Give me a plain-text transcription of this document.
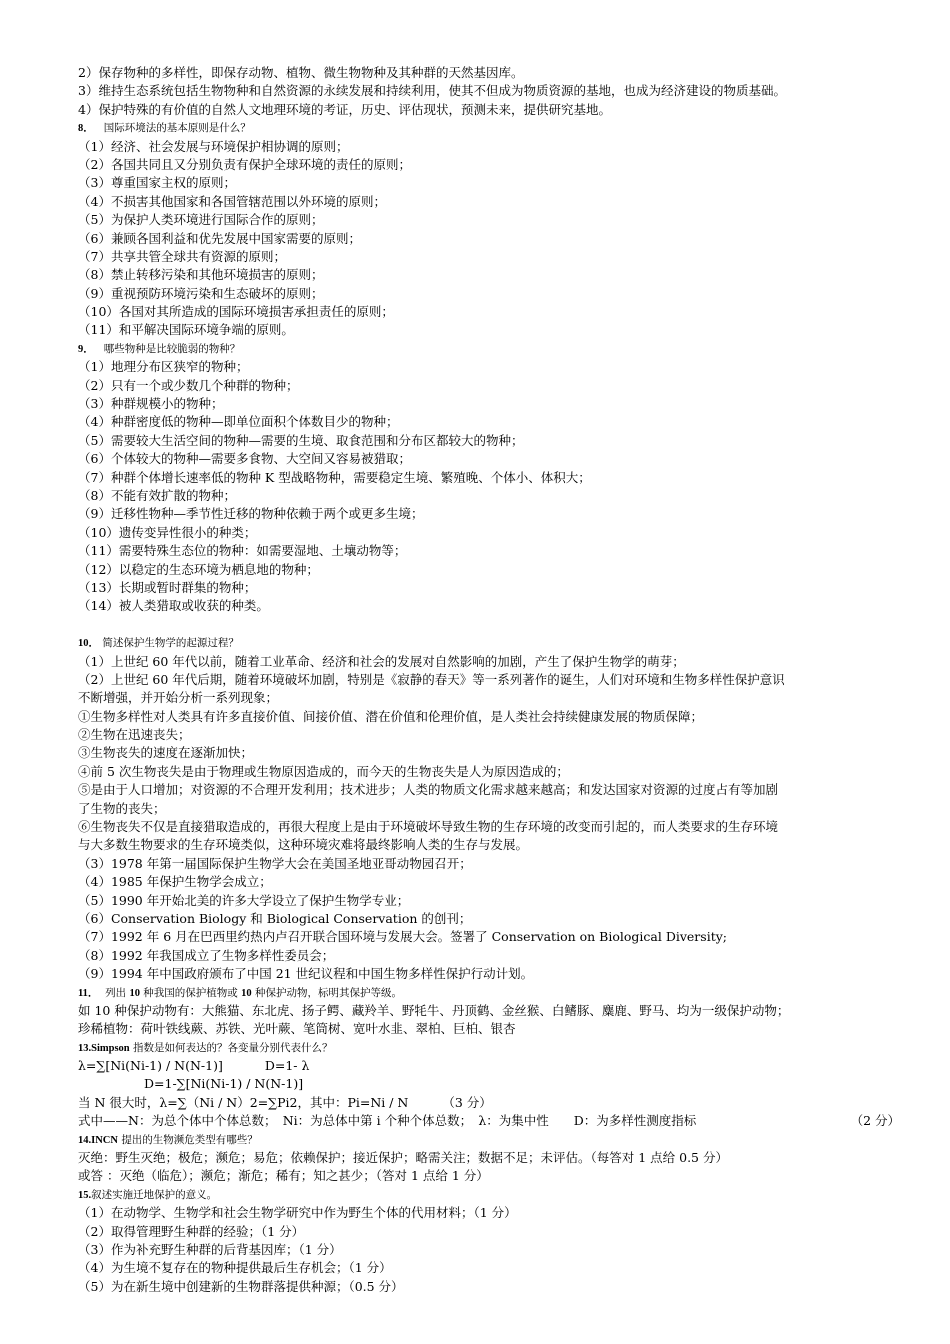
2）保存物种的多样性，即保存动物、植物、微生物物种及其种群的天然基因库。
3）维持生态系统包括生物物种和自然资源的永续发展和持续利用，使其不但成为物质资源的基地，也成为经济建设的物质基础。
4）保护特殊的有价值的自然人文地理环境的考证，历史、评估现状，预测未来，提供研究基地。
8． 国际环境法的基本原则是什么？
（1）经济、社会发展与环境保护相协调的原则；
（2）各国共同且又分别负责有保护全球环境的责任的原则；
（3）尊重国家主权的原则；
（4）不损害其他国家和各国管辖范围以外环境的原则；
（5）为保护人类环境进行国际合作的原则；
（6）兼顾各国利益和优先发展中国家需要的原则；
（7）共享共管全球共有资源的原则；
（8）禁止转移污染和其他环境损害的原则；
（9）重视预防环境污染和生态破坏的原则；
（10）各国对其所造成的国际环境损害承担责任的原则；
（11）和平解决国际环境争端的原则。
9． 哪些物种是比较脆弱的物种？
（1）地理分布区狭窄的物种；
（2）只有一个或少数几个种群的物种；
（3）种群规模小的物种；
（4）种群密度低的物种—即单位面积个体数目少的物种；
（5）需要较大生活空间的物种—需要的生境、取食范围和分布区都较大的物种；
（6）个体较大的物种—需要多食物、大空间又容易被猎取；
（7）种群个体增长速率低的物种 K 型战略物种，需要稳定生境、繁殖晚、个体小、体积大；
（8）不能有效扩散的物种；
（9）迁移性物种—季节性迁移的物种依赖于两个或更多生境；
（10）遗传变异性很小的种类；
（11）需要特殊生态位的物种：如需要湿地、土壤动物等；
（12）以稳定的生态环境为栖息地的物种；
（13）长期或暂时群集的物种；
（14）被人类猎取或收获的种类。
10． 简述保护生物学的起源过程？
（1）上世纪 60 年代以前，随着工业革命、经济和社会的发展对自然影响的加剧，产生了保护生物学的萌芽；
（2）上世纪 60 年代后期，随着环境破坏加剧，特别是《寂静的春天》等一系列著作的诞生，人们对环境和生物多样性保护意识
不断增强，并开始分析一系列现象；
①生物多样性对人类具有许多直接价值、间接价值、潜在价值和伦理价值，是人类社会持续健康发展的物质保障；
②生物在迅速丧失；
③生物丧失的速度在逐渐加快；
④前 5 次生物丧失是由于物理或生物原因造成的，而今天的生物丧失是人为原因造成的；
⑤是由于人口增加；对资源的不合理开发利用；技术进步；人类的物质文化需求越来越高；和发达国家对资源的过度占有等加剧
了生物的丧失；
⑥生物丧失不仅是直接猎取造成的，再很大程度上是由于环境破坏导致生物的生存环境的改变而引起的，而人类要求的生存环境
与大多数生物要求的生存环境类似，这种环境灾难将最终影响人类的生存与发展。
（3）1978 年第一届国际保护生物学大会在美国圣地亚哥动物园召开；
（4）1985 年保护生物学会成立；
（5）1990 年开始北美的许多大学设立了保护生物学专业；
（6）Conservation Biology 和 Biological Conservation 的创刊；
（7）1992 年 6 月在巴西里约热内卢召开联合国环境与发展大会。签署了 Conservation on Biological Diversity;
（8）1992 年我国成立了生物多样性委员会；
（9）1994 年中国政府颁布了中国 21 世纪议程和中国生物多样性保护行动计划。
11． 列出 10 种我国的保护植物或 10 种保护动物，标明其保护等级。
如 10 种保护动物有：大熊猫、东北虎、扬子鳄、藏羚羊、野牦牛、丹顶鹤、金丝猴、白鳍豚、麋鹿、野马、均为一级保护动物；
珍稀植物：荷叶铁线蕨、苏铁、光叶蕨、笔筒树、宽叶水韭、翠柏、巨柏、银杏
13.Simpson 指数是如何表达的？各变量分别代表什么？
λ=∑[Ni(Ni-1) / N(N-1)]	D=1- λ
D=1-∑[Ni(Ni-1) / N(N-1)]
当 N 很大时，λ=∑（Ni / N）2=∑Pi2，其中：Pi=Ni / N	（3 分）
式中——N：为总个体中个体总数；　Ni：为总体中第 i 个种个体总数；　λ：为集中性　　D：为多样性测度指标	（2 分）
14.INCN 提出的生物濒危类型有哪些？
灭绝：野生灭绝；极危；濒危；易危；依赖保护；接近保护；略需关注；数据不足；未评估。（每答对 1 点给 0.5 分）
或答 ：灭绝（临危）；濒危；渐危；稀有；知之甚少；（答对 1 点给 1 分）
15.叙述实施迁地保护的意义。
（1）在动物学、生物学和社会生物学研究中作为野生个体的代用材料；（1 分）
（2）取得管理野生种群的经验；（1 分）
（3）作为补充野生种群的后背基因库；（1 分）
（4）为生境不复存在的物种提供最后生存机会；（1 分）
（5）为在新生境中创建新的生物群落提供种源；（0.5 分）
